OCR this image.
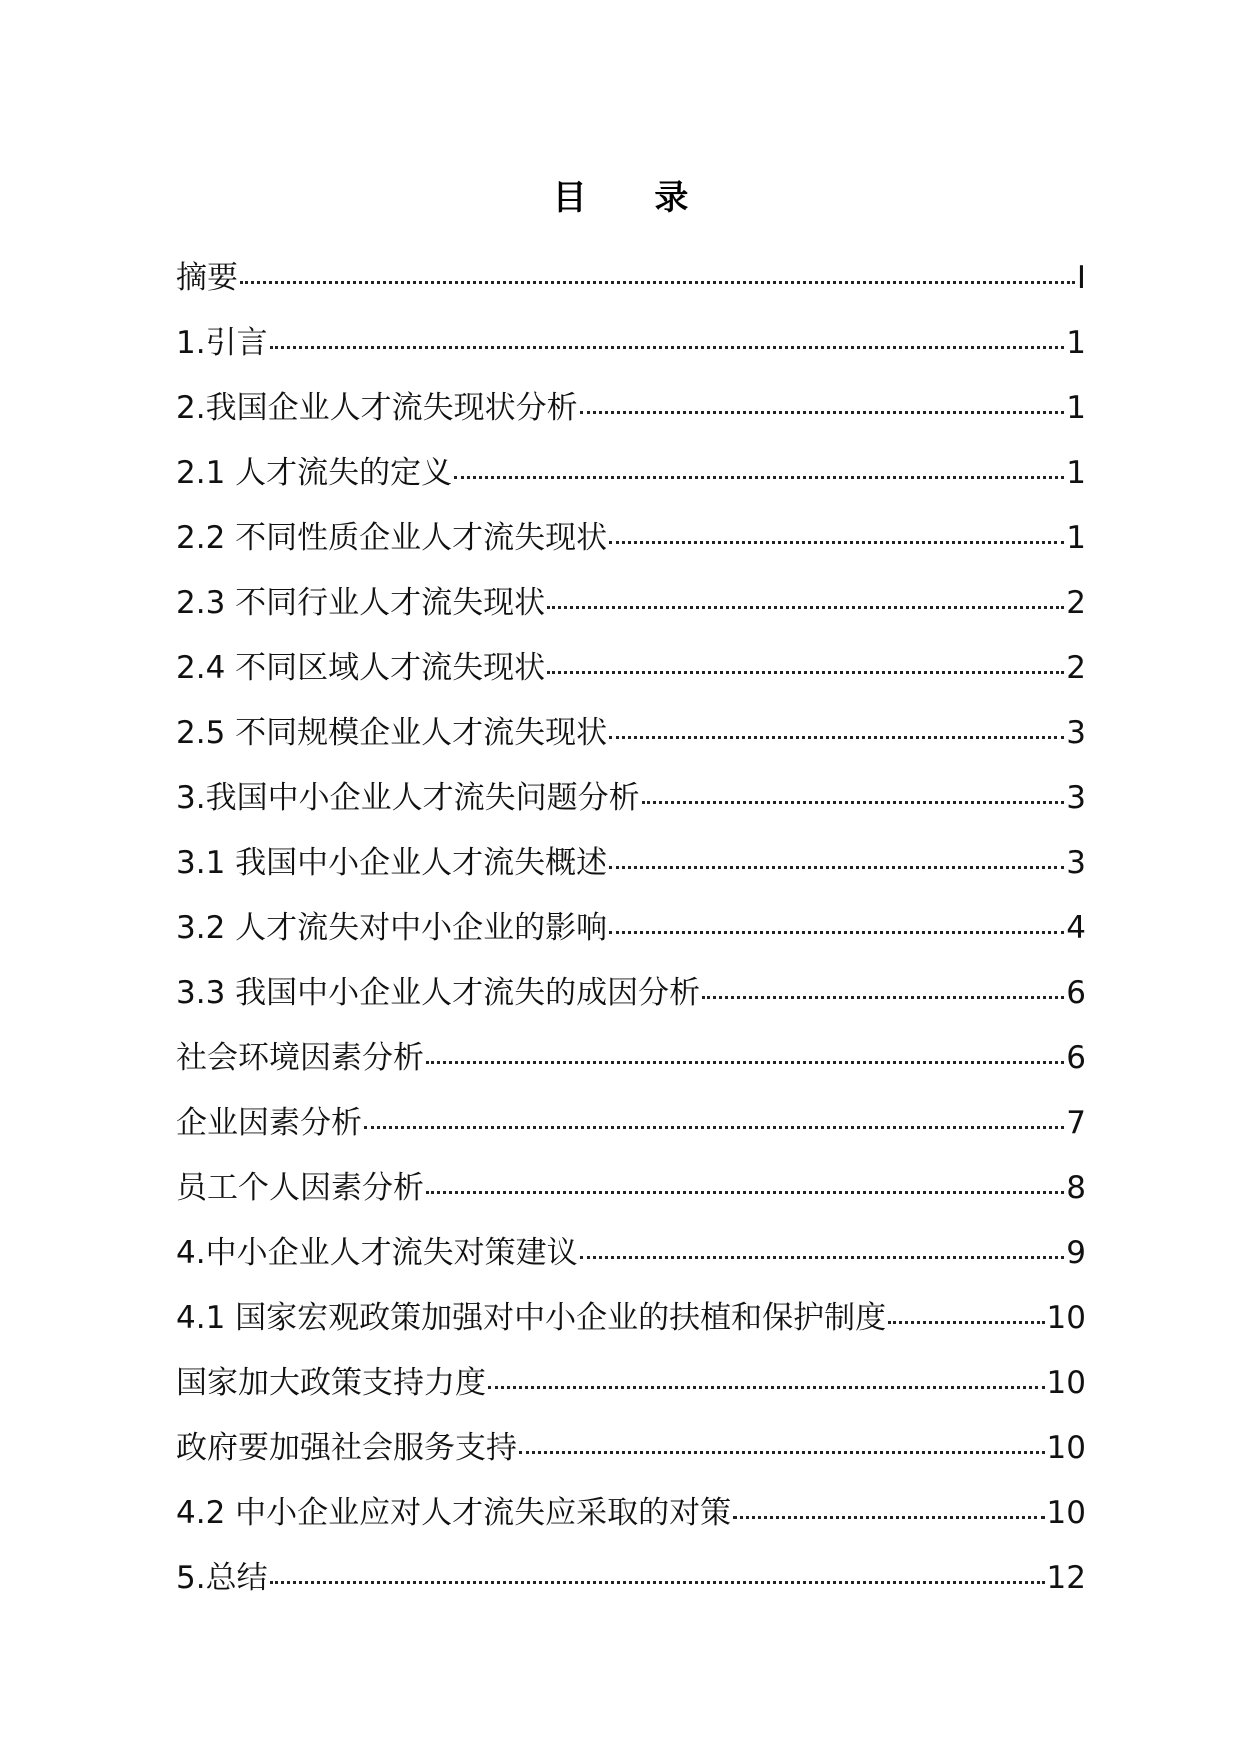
目 录
摘要	I
1.引言	1
2.我国企业人才流失现状分析	1
2.1 人才流失的定义	1
2.2 不同性质企业人才流失现状	1
2.3 不同行业人才流失现状	2
2.4 不同区域人才流失现状	2
2.5 不同规模企业人才流失现状	3
3.我国中小企业人才流失问题分析	3
3.1 我国中小企业人才流失概述	3
3.2 人才流失对中小企业的影响	4
3.3 我国中小企业人才流失的成因分析	6
社会环境因素分析	6
企业因素分析	7
员工个人因素分析	8
4.中小企业人才流失对策建议	9
4.1 国家宏观政策加强对中小企业的扶植和保护制度	10
国家加大政策支持力度	10
政府要加强社会服务支持	10
4.2 中小企业应对人才流失应采取的对策	10
5.总结	12
